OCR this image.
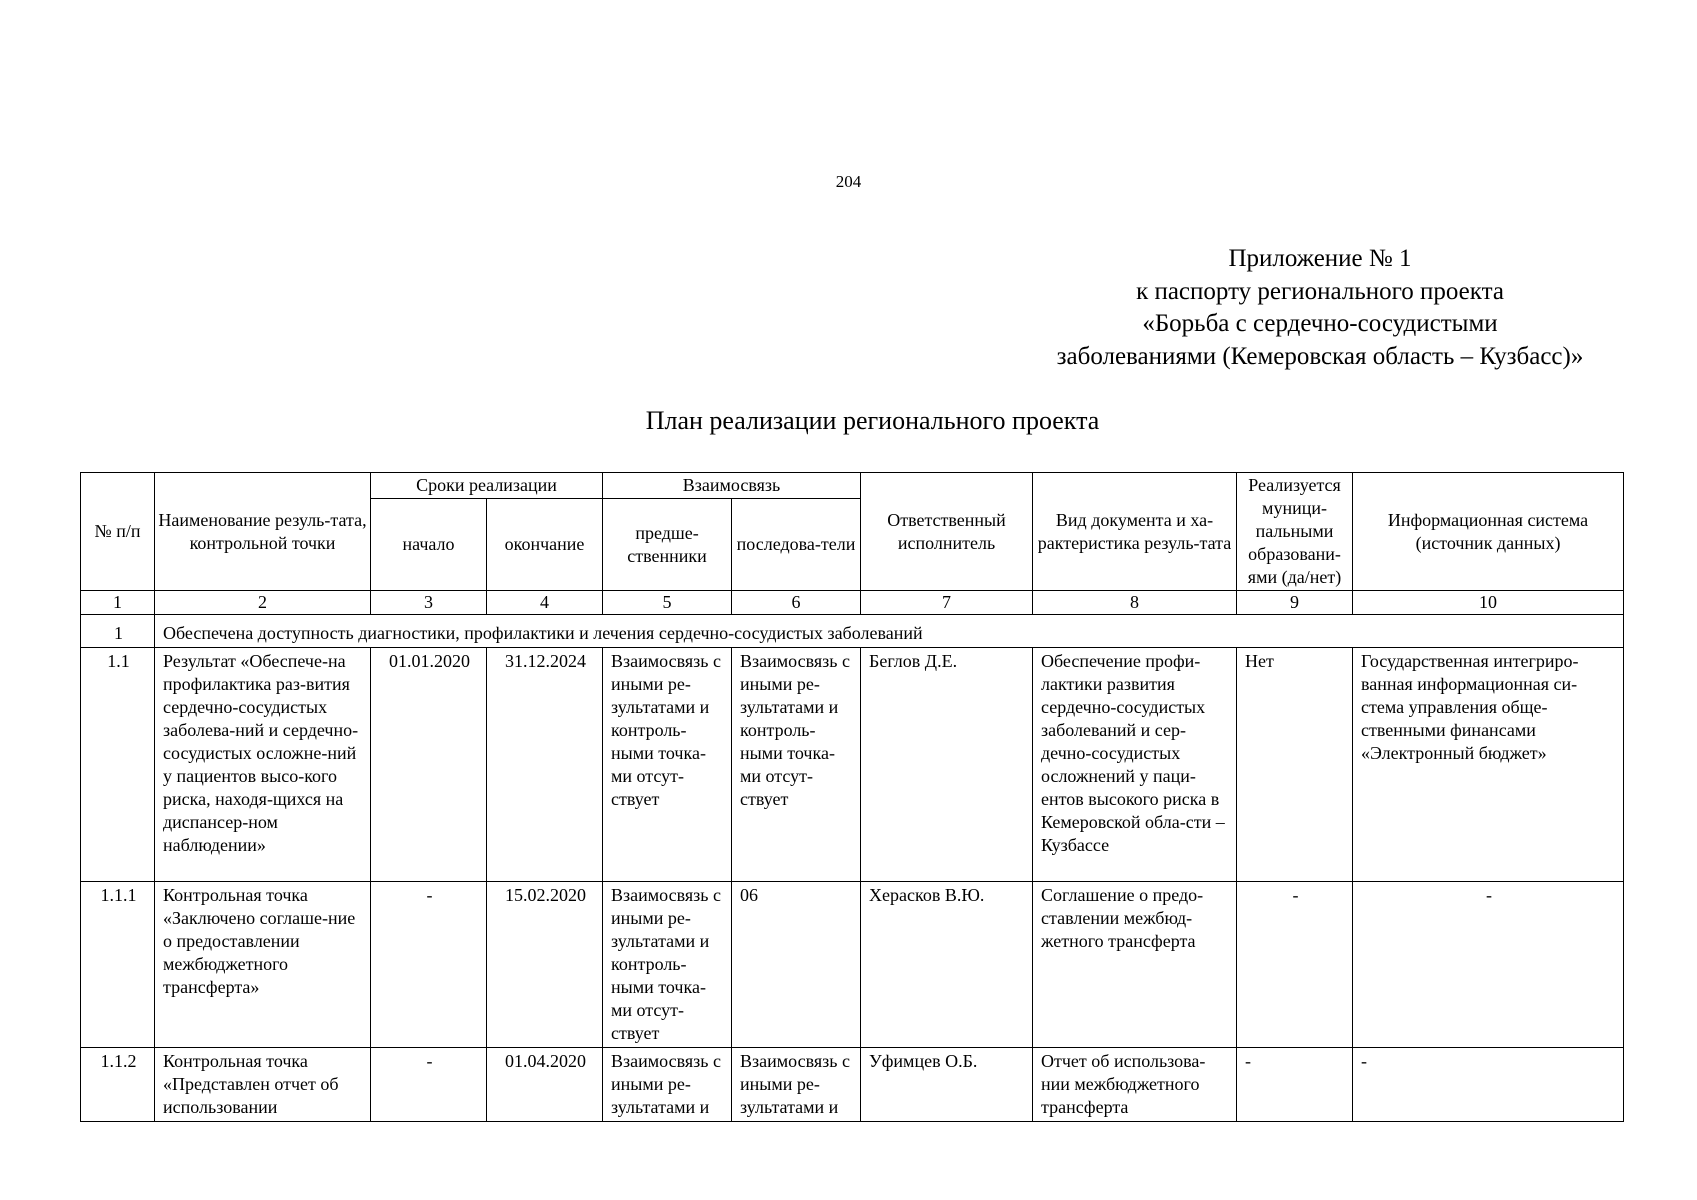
204
Приложение № 1
к паспорту регионального проекта
«Борьба с сердечно-сосудистыми
заболеваниями (Кемеровская область – Кузбасс)»
План реализации регионального проекта
№ п/п	Наименование резуль-тата, контрольной точки	Сроки реализации		Взаимосвязь		Ответственный исполнитель	Вид документа и ха-рактеристика резуль-тата	Реализуется муници-пальными образовани-ями (да/нет)	Информационная система (источник данных)
		начало	окончание	предше-ственники	последова-тели				
1	2	3	4	5	6	7	8	9	10
1	Обеспечена доступность диагностики, профилактики и лечения сердечно-сосудистых заболеваний								
1.1	Результат «Обеспече-на профилактика раз-вития сердечно-сосудистых заболева-ний и сердечно-сосудистых осложне-ний у пациентов высо-кого риска, находя-щихся на диспансер-ном наблюдении»	01.01.2020	31.12.2024	Взаимосвязь с иными ре-зультатами и контроль-ными точка-ми отсут-ствует	Взаимосвязь с иными ре-зультатами и контроль-ными точка-ми отсут-ствует	Беглов Д.Е.	Обеспечение профи-лактики развития сердечно-сосудистых заболеваний и сер-дечно-сосудистых осложнений у паци-ентов высокого риска в Кемеровской обла-сти – Кузбассе	Нет	Государственная интегриро-ванная информационная си-стема управления обще-ственными финансами «Электронный бюджет»
1.1.1	Контрольная точка «Заключено соглаше-ние о предоставлении межбюджетного трансферта»	-	15.02.2020	Взаимосвязь с иными ре-зультатами и контроль-ными точка-ми отсут-ствует	06	Херасков В.Ю.	Соглашение о предо-ставлении межбюд-жетного трансферта	-	-
1.1.2	Контрольная точка «Представлен отчет об использовании	-	01.04.2020	Взаимосвязь с иными ре-зультатами и	Взаимосвязь с иными ре-зультатами и	Уфимцев О.Б.	Отчет об использова-нии межбюджетного трансферта	-	-
